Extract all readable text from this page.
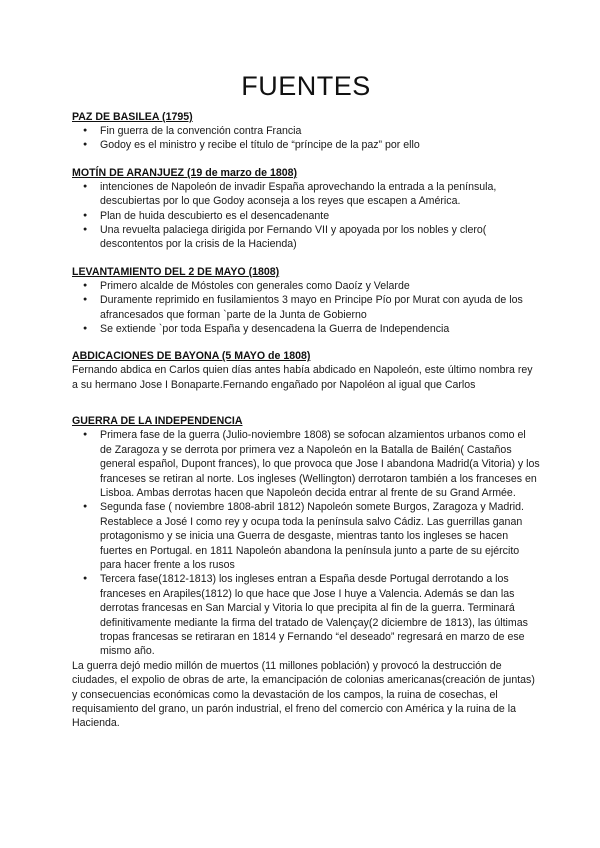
FUENTES
PAZ DE BASILEA (1795)
● Fin guerra de la convención contra Francia
● Godoy es el ministro y recibe el título de “príncipe de la paz” por ello
MOTÍN DE ARANJUEZ (19 de marzo de 1808)
● intenciones de Napoleón de invadir España aprovechando la entrada a la península, descubiertas por lo que Godoy aconseja a los reyes que escapen a América.
● Plan de huida descubierto es el desencadenante
● Una revuelta palaciega dirigida por Fernando VII y apoyada por los nobles y clero( descontentos por la crisis de la Hacienda)
LEVANTAMIENTO DEL 2 DE MAYO (1808)
● Primero alcalde de Móstoles con generales como Daoíz y Velarde
● Duramente reprimido en fusilamientos 3 mayo en Principe Pío por Murat con ayuda de los afrancesados que forman `parte de la Junta de Gobierno
● Se extiende `por toda España y desencadena la Guerra de Independencia
ABDICACIONES DE BAYONA (5 MAYO de 1808)

Fernando abdica en Carlos quien días antes había abdicado en Napoleón, este último nombra rey a su hermano Jose I Bonaparte.Fernando engañado por Napoléon al igual que Carlos

GUERRA DE LA INDEPENDENCIA
● Primera fase de la guerra (Julio-noviembre 1808) se sofocan alzamientos urbanos como el de Zaragoza y se derrota por primera vez a Napoleón en la Batalla de Bailén( Castaños general español, Dupont frances), lo que provoca que Jose I abandona Madrid(a Vitoria) y los franceses se retiran al norte. Los ingleses (Wellington) derrotaron también a los franceses en Lisboa. Ambas derrotas hacen que Napoleón decida entrar al frente de su Grand Armée.
● Segunda fase ( noviembre 1808-abril 1812) Napoleón somete Burgos, Zaragoza y Madrid. Restablece a José I como rey y ocupa toda la península salvo Cádiz. Las guerrillas ganan protagonismo y se inicia una Guerra de desgaste, mientras tanto los ingleses se hacen fuertes en Portugal. en 1811 Napoleón abandona la península junto a parte de su ejército para hacer frente a los rusos
● Tercera fase(1812-1813) los ingleses entran a España desde Portugal derrotando a los franceses en Arapiles(1812) lo que hace que Jose I huye a Valencia. Además se dan las derrotas francesas en San Marcial y Vitoria lo que precipita al fin de la guerra. Terminará definitivamente mediante la firma del tratado de Valençay(2 diciembre de 1813), las últimas tropas francesas se retiraran en 1814 y Fernando “el deseado” regresará en marzo de ese mismo año.

La guerra dejó medio millón de muertos (11 millones población) y provocó la destrucción de ciudades, el expolio de obras de arte, la emancipación de colonias americanas(creación de juntas) y consecuencias económicas como la devastación de los campos, la ruina de cosechas, el requisamiento del grano, un parón industrial, el freno del comercio con América y la ruina de la Hacienda.
